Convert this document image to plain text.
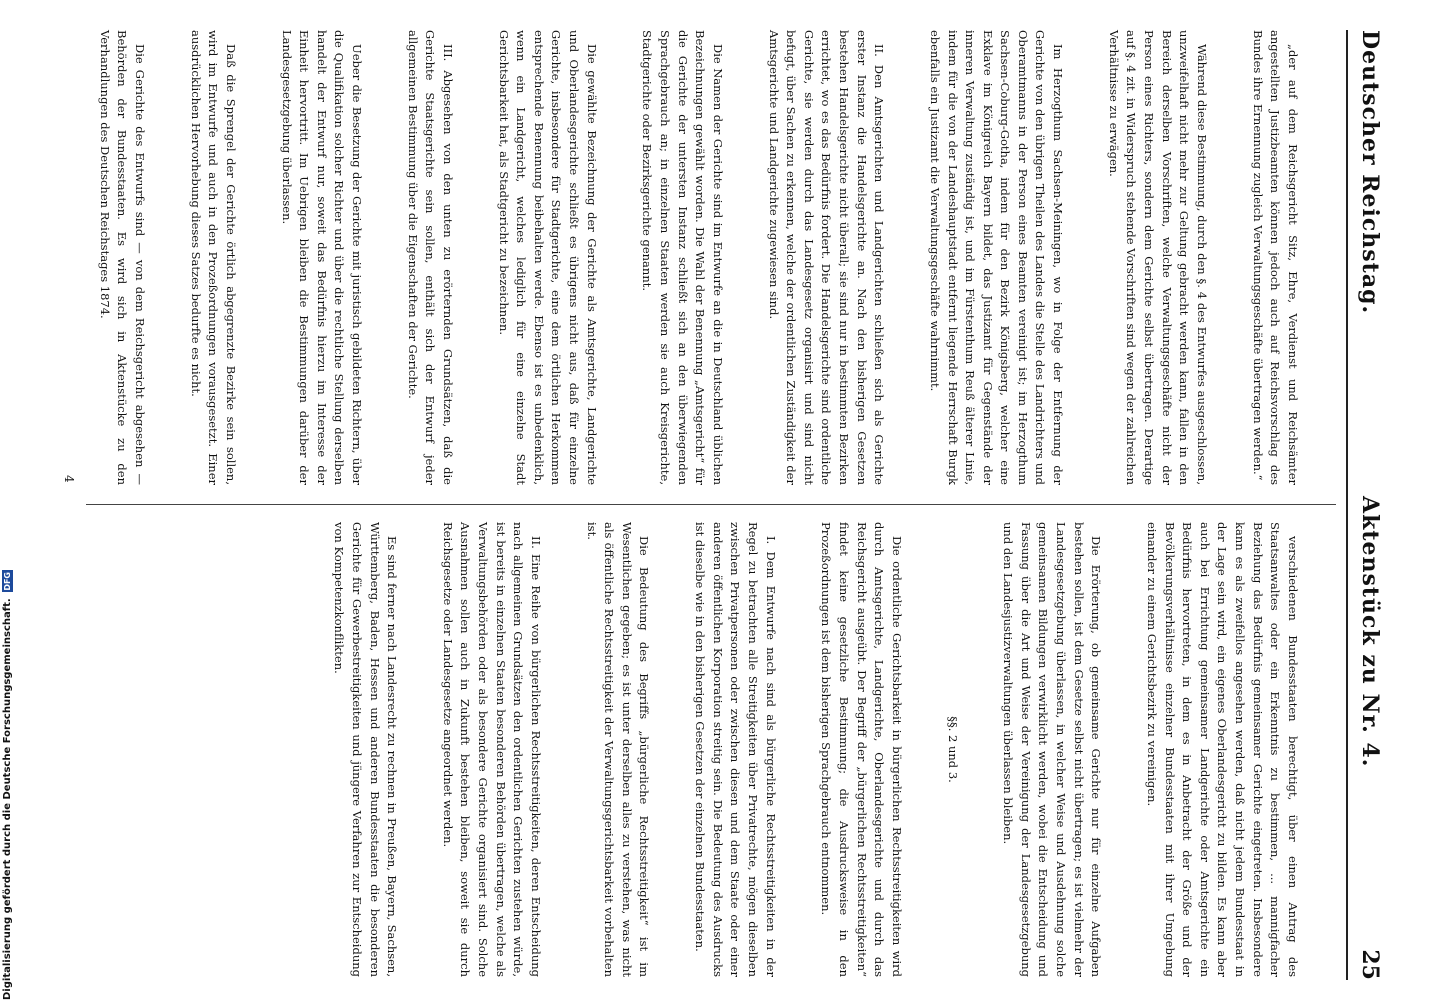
Deutscher Reichstag.
Aktenstück zu Nr. 4.
25

„der auf dem Reichsgericht Sitz, Ehre, Verdienst und Reichsämter angestellten Justizbeamten können jedoch auch auf Reichsvorschlag des Bundes ihre Ernennung zugleich Verwaltungsgeschäfte übertragen werden.“

Während diese Bestimmung, durch den §. 4 des Entwurfes ausgeschlossen, unzweifelhaft nicht mehr zur Geltung gebracht werden kann, fallen in den Bereich derselben Vorschriften, welche Verwaltungsgeschäfte nicht der Person eines Richters, sondern dem Gerichte selbst übertragen. Derartige auf §. 4 zit. in Widerspruch stehende Vorschriften sind wegen der zahlreichen Verhältnisse zu erwägen.

Im Herzogthum Sachsen-Meiningen, wo in Folge der Entfernung der Gerichte von den übrigen Theilen des Landes die Stelle des Landrichters und Oberamtmanns in der Person eines Beamten vereinigt ist; im Herzogthum Sachsen-Coburg-Gotha, indem für den Bezirk Königsberg, welcher eine Exklave im Königreich Bayern bildet, das Justizamt für Gegenstände der inneren Verwaltung zuständig ist, und im Fürstenthum Reuß älterer Linie, indem für die von der Landeshauptstadt entfernt liegende Herrschaft Burgk ebenfalls ein Justizamt die Verwaltungsgeschäfte wahrnimmt.

II. Den Amtsgerichten und Landgerichten schließen sich als Gerichte erster Instanz die Handelsgerichte an. Nach den bisherigen Gesetzen bestehen Handelsgerichte nicht überall; sie sind nur in bestimmten Bezirken errichtet, wo es das Bedürfnis fordert. Die Handelsgerichte sind ordentliche Gerichte, sie werden durch das Landesgesetz organisirt und sind nicht befugt, über Sachen zu erkennen, welche der ordentlichen Zuständigkeit der Amtsgerichte und Landgerichte zugewiesen sind.

Die Namen der Gerichte sind im Entwurfe an die in Deutschland üblichen Bezeichnungen gewählt worden. Die Wahl der Benennung „Amtsgericht“ für die Gerichte der untersten Instanz schließt sich an den überwiegenden Sprachgebrauch an; in einzelnen Staaten werden sie auch Kreisgerichte, Stadtgerichte oder Bezirksgerichte genannt.

Die gewählte Bezeichnung der Gerichte als Amtsgerichte, Landgerichte und Oberlandesgerichte schließt es übrigens nicht aus, daß für einzelne Gerichte, insbesondere für Stadtgerichte, eine dem örtlichen Herkommen entsprechende Benennung beibehalten werde. Ebenso ist es unbedenklich, wenn ein Landgericht, welches lediglich für eine einzelne Stadt Gerichtsbarkeit hat, als Stadtgericht zu bezeichnen.

III. Abgesehen von den unten zu erörternden Grundsätzen, daß die Gerichte Staatsgerichte sein sollen, enthält sich der Entwurf jeder allgemeinen Bestimmung über die Eigenschaften der Gerichte.

Ueber die Besetzung der Gerichte mit juristisch gebildeten Richtern, über die Qualifikation solcher Richter und über die rechtliche Stellung derselben handelt der Entwurf nur, soweit das Bedürfnis hierzu im Interesse der Einheit hervortritt. Im Uebrigen bleiben die Bestimmungen darüber der Landesgesetzgebung überlassen.

Daß die Sprengel der Gerichte örtlich abgegrenzte Bezirke sein sollen, wird im Entwurfe und auch in den Prozeßordnungen vorausgesetzt. Einer ausdrücklichen Hervorhebung dieses Satzes bedurfte es nicht.

Die Gerichte des Entwurfs sind — von dem Reichsgericht abgesehen — Behörden der Bundesstaaten. Es wird sich in Aktenstücke zu den Verhandlungen des Deutschen Reichstages 1874.

verschiedenen Bundesstaaten berechtigt, über einen Antrag des Staatsanwaltes oder ein Erkenntnis zu bestimmen, ... mannigfacher Beziehung das Bedürfnis gemeinsamer Gerichte eingetreten. Insbesondere kann es als zweifellos angesehen werden, daß nicht jedem Bundesstaat in der Lage sein wird, ein eigenes Oberlandesgericht zu bilden. Es kann aber auch bei Errichtung gemeinsamer Landgerichte oder Amtsgerichte ein Bedürfnis hervortreten, in dem es in Anbetracht der Größe und der Bevölkerungsverhältnisse einzelner Bundesstaaten mit ihrer Umgebung einander zu einem Gerichtsbezirk zu vereinigen.

Die Erörterung, ob gemeinsame Gerichte nur für einzelne Aufgaben bestehen sollen, ist dem Gesetze selbst nicht übertragen; es ist vielmehr der Landesgesetzgebung überlassen, in welcher Weise und Ausdehnung solche gemeinsamen Bildungen verwirklicht werden, wobei die Entscheidung und Fassung über die Art und Weise der Vereinigung der Landesgesetzgebung und den Landesjustizverwaltungen überlassen bleiben.

§§. 2 und 3.

Die ordentliche Gerichtsbarkeit in bürgerlichen Rechtsstreitigkeiten wird durch Amtsgerichte, Landgerichte, Oberlandesgerichte und durch das Reichsgericht ausgeübt. Der Begriff der „bürgerlichen Rechtsstreitigkeiten“ findet keine gesetzliche Bestimmung; die Ausdrucksweise in den Prozeßordnungen ist dem bisherigen Sprachgebrauch entnommen.

I. Dem Entwurfe nach sind als bürgerliche Rechtsstreitigkeiten in der Regel zu betrachten alle Streitigkeiten über Privatrechte, mögen dieselben zwischen Privatpersonen oder zwischen diesen und dem Staate oder einer anderen öffentlichen Korporation streitig sein. Die Bedeutung des Ausdrucks ist dieselbe wie in den bisherigen Gesetzen der einzelnen Bundesstaaten.

Die Bedeutung des Begriffs „bürgerliche Rechtsstreitigkeit“ ist im Wesentlichen gegeben; es ist unter derselben alles zu verstehen, was nicht als öffentliche Rechtsstreitigkeit der Verwaltungsgerichtsbarkeit vorbehalten ist.

II. Eine Reihe von bürgerlichen Rechtsstreitigkeiten, deren Entscheidung nach allgemeinen Grundsätzen den ordentlichen Gerichten zustehen würde, ist bereits in einzelnen Staaten besonderen Behörden übertragen, welche als Verwaltungsbehörden oder als besondere Gerichte organisiert sind. Solche Ausnahmen sollen auch in Zukunft bestehen bleiben, soweit sie durch Reichsgesetze oder Landesgesetze angeordnet werden.

Es sind ferner nach Landesrecht zu rechnen in Preußen, Bayern, Sachsen, Württemberg, Baden, Hessen und anderen Bundesstaaten die besonderen Gerichte für Gewerbestreitigkeiten und jüngere Verfahren zur Entscheidung von Kompetenzkonflikten.

4
Digitalisierung gefördert durch die Deutsche Forschungsgemeinschaft.
DFG
